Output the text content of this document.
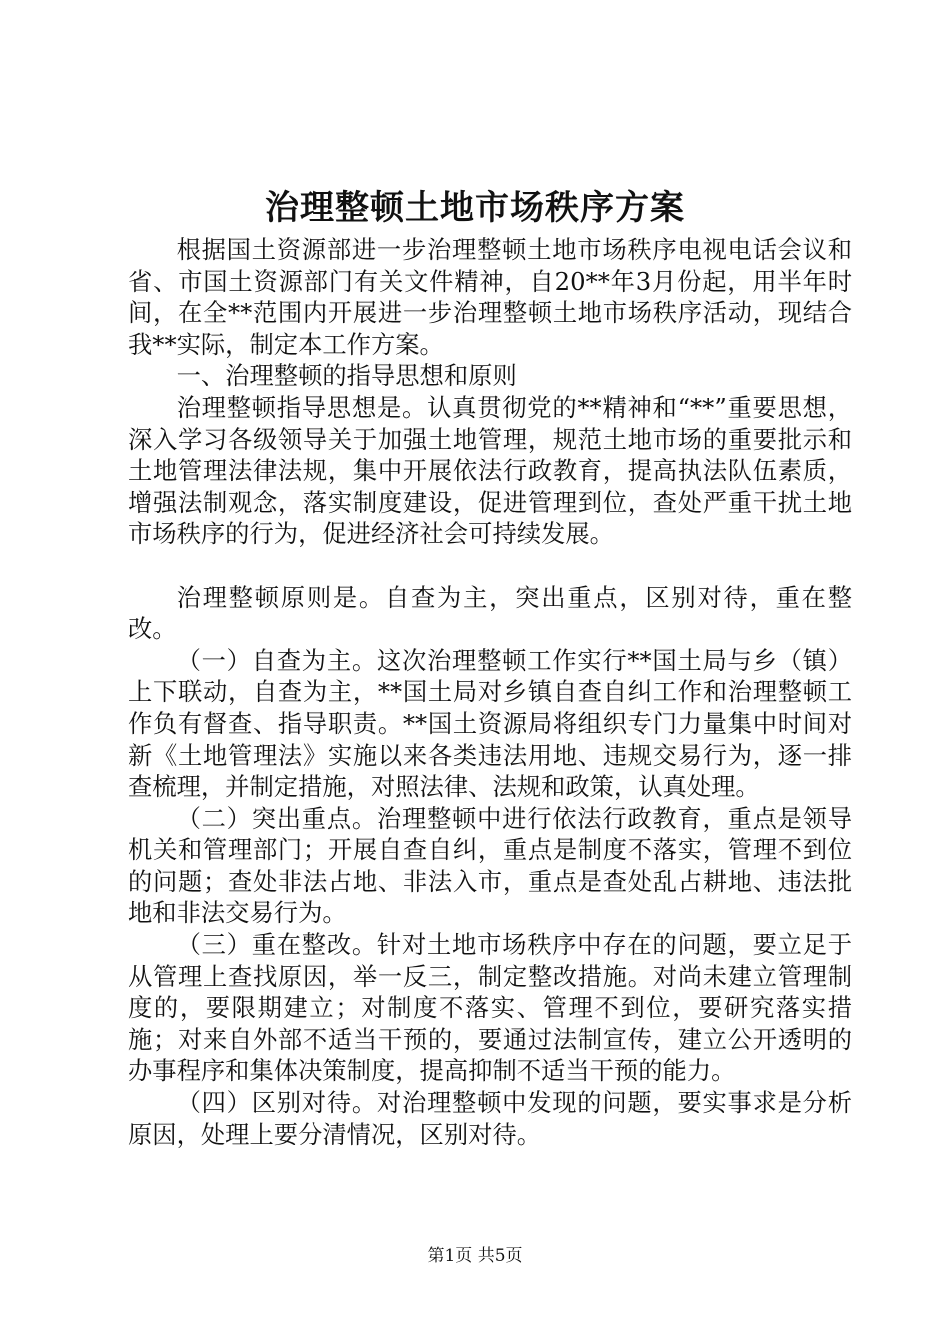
治理整顿土地市场秩序方案

根据国土资源部进一步治理整顿土地市场秩序电视电话会议和省、市国土资源部门有关文件精神，自20**年3月份起，用半年时间，在全**范围内开展进一步治理整顿土地市场秩序活动，现结合我**实际，制定本工作方案。

一、治理整顿的指导思想和原则

治理整顿指导思想是。认真贯彻党的**精神和“**”重要思想，深入学习各级领导关于加强土地管理，规范土地市场的重要批示和土地管理法律法规，集中开展依法行政教育，提高执法队伍素质，增强法制观念，落实制度建设，促进管理到位，查处严重干扰土地市场秩序的行为，促进经济社会可持续发展。

治理整顿原则是。自查为主，突出重点，区别对待，重在整改。

（一）自查为主。这次治理整顿工作实行**国土局与乡（镇）上下联动，自查为主，**国土局对乡镇自查自纠工作和治理整顿工作负有督查、指导职责。**国土资源局将组织专门力量集中时间对新《土地管理法》实施以来各类违法用地、违规交易行为，逐一排查梳理，并制定措施，对照法律、法规和政策，认真处理。

（二）突出重点。治理整顿中进行依法行政教育，重点是领导机关和管理部门；开展自查自纠，重点是制度不落实，管理不到位的问题；查处非法占地、非法入市，重点是查处乱占耕地、违法批地和非法交易行为。

（三）重在整改。针对土地市场秩序中存在的问题，要立足于从管理上查找原因，举一反三，制定整改措施。对尚未建立管理制度的，要限期建立；对制度不落实、管理不到位，要研究落实措施；对来自外部不适当干预的，要通过法制宣传，建立公开透明的办事程序和集体决策制度，提高抑制不适当干预的能力。

（四）区别对待。对治理整顿中发现的问题，要实事求是分析原因，处理上要分清情况，区别对待。

第1页 共5页
